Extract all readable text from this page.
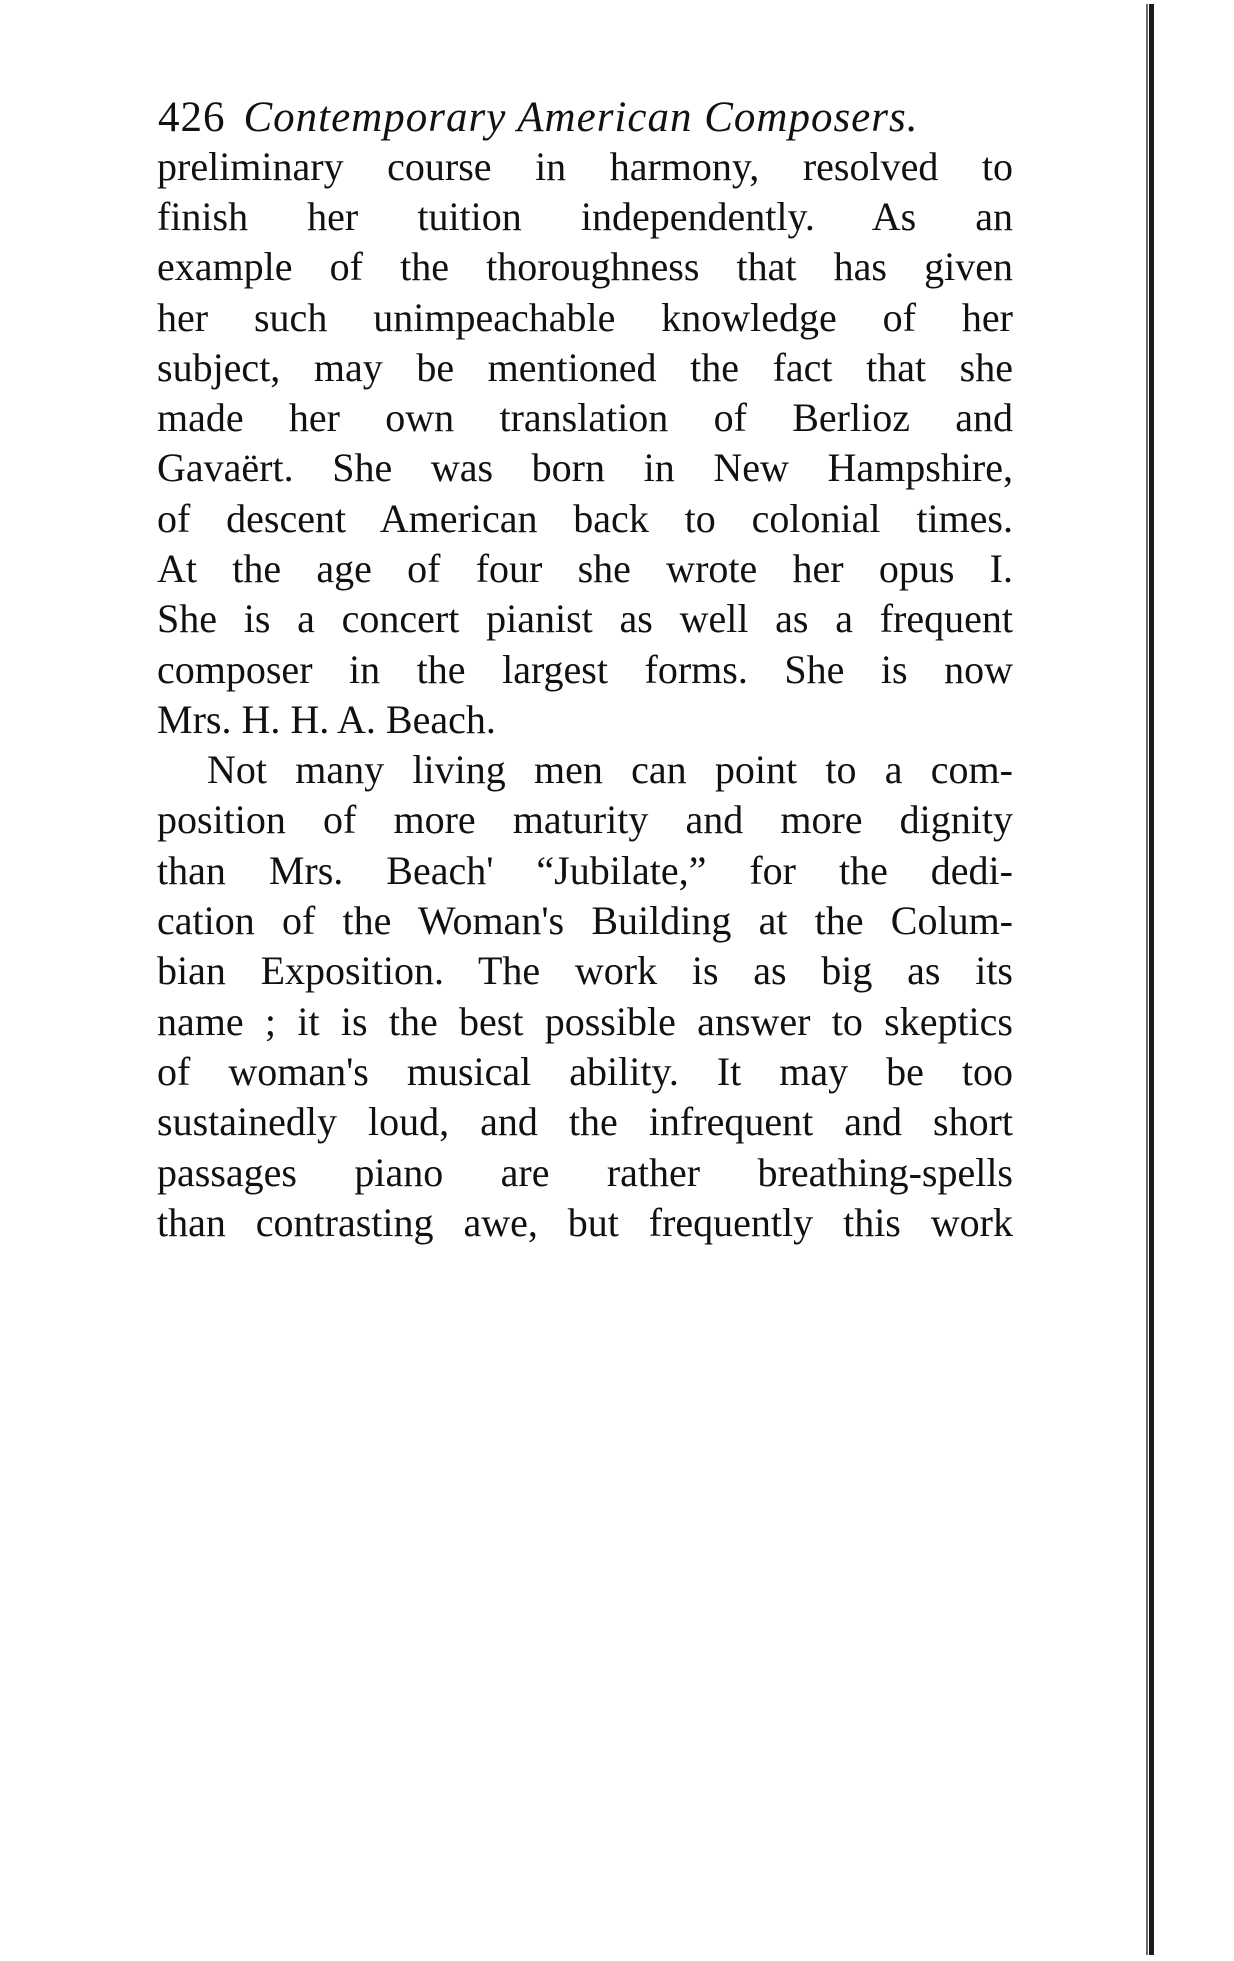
426 Contemporary American Composers.
preliminary course in harmony, resolved to
finish her tuition independently. As an
example of the thoroughness that has given
her such unimpeachable knowledge of her
subject, may be mentioned the fact that she
made her own translation of Berlioz and
Gavaërt. She was born in New Hampshire,
of descent American back to colonial times.
At the age of four she wrote her opus I.
She is a concert pianist as well as a frequent
composer in the largest forms. She is now
Mrs. H. H. A. Beach.
Not many living men can point to a com-
position of more maturity and more dignity
than Mrs. Beach' “Jubilate,” for the dedi-
cation of the Woman's Building at the Colum-
bian Exposition. The work is as big as its
name ; it is the best possible answer to skeptics
of woman's musical ability. It may be too
sustainedly loud, and the infrequent and short
passages piano are rather breathing-spells
than contrasting awe, but frequently this work
